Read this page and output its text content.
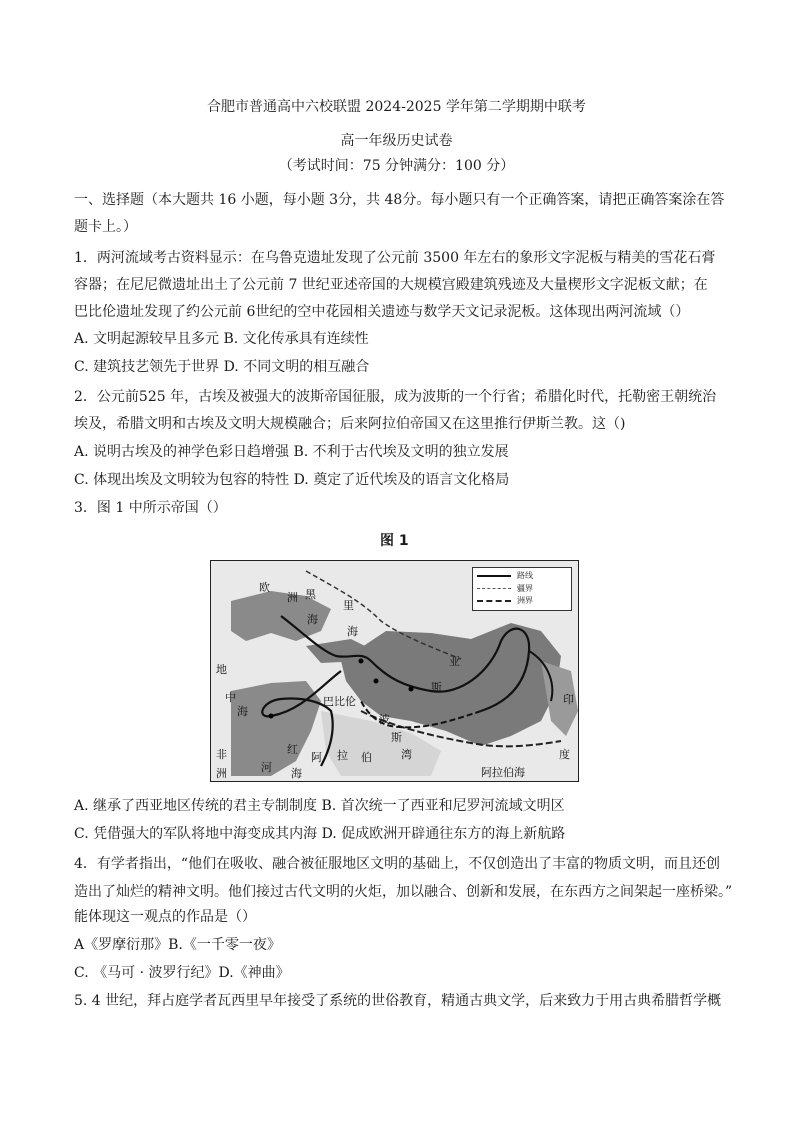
合肥市普通高中六校联盟 2024-2025 学年第二学期期中联考
高一年级历史试卷
（考试时间：75 分钟满分：100 分）
一、选择题（本大题共 16 小题，每小题 3分，共 48分。每小题只有一个正确答案，请把正确答案涂在答
题卡上。）
1．两河流域考古资料显示：在乌鲁克遗址发现了公元前 3500 年左右的象形文字泥板与精美的雪花石膏
容器；在尼尼微遗址出土了公元前 7 世纪亚述帝国的大规模宫殿建筑残迹及大量楔形文字泥板文献；在
巴比伦遗址发现了约公元前 6世纪的空中花园相关遗迹与数学天文记录泥板。这体现出两河流域（）
A. 文明起源较早且多元 B. 文化传承具有连续性
C. 建筑技艺领先于世界 D. 不同文明的相互融合
2．公元前525 年，古埃及被强大的波斯帝国征服，成为波斯的一个行省；希腊化时代，托勒密王朝统治
埃及，希腊文明和古埃及文明大规模融合；后来阿拉伯帝国又在这里推行伊斯兰教。这（)
A. 说明古埃及的神学色彩日趋增强 B. 不利于古代埃及文明的独立发展
C. 体现出埃及文明较为包容的特性 D. 奠定了近代埃及的语言文化格局
3．图 1 中所示帝国（）
图 1
路线
疆界
洲界
欧
洲 黑
海
里
海
地
中
海
非
洲
红
海
阿 拉 伯
波
斯
湾
巴比伦	印
度
阿拉伯海
亚
斯
河
A. 继承了西亚地区传统的君主专制制度 B. 首次统一了西亚和尼罗河流域文明区
C. 凭借强大的军队将地中海变成其内海 D. 促成欧洲开辟通往东方的海上新航路
4．有学者指出，“他们在吸收、融合被征服地区文明的基础上，不仅创造出了丰富的物质文明，而且还创
造出了灿烂的精神文明。他们接过古代文明的火炬，加以融合、创新和发展，在东西方之间架起一座桥梁。”
能体现这一观点的作品是（）
A《罗摩衍那》B.《一千零一夜》
C. 《马可 · 波罗行纪》D.《神曲》
5. 4 世纪，拜占庭学者瓦西里早年接受了系统的世俗教育，精通古典文学，后来致力于用古典希腊哲学概
